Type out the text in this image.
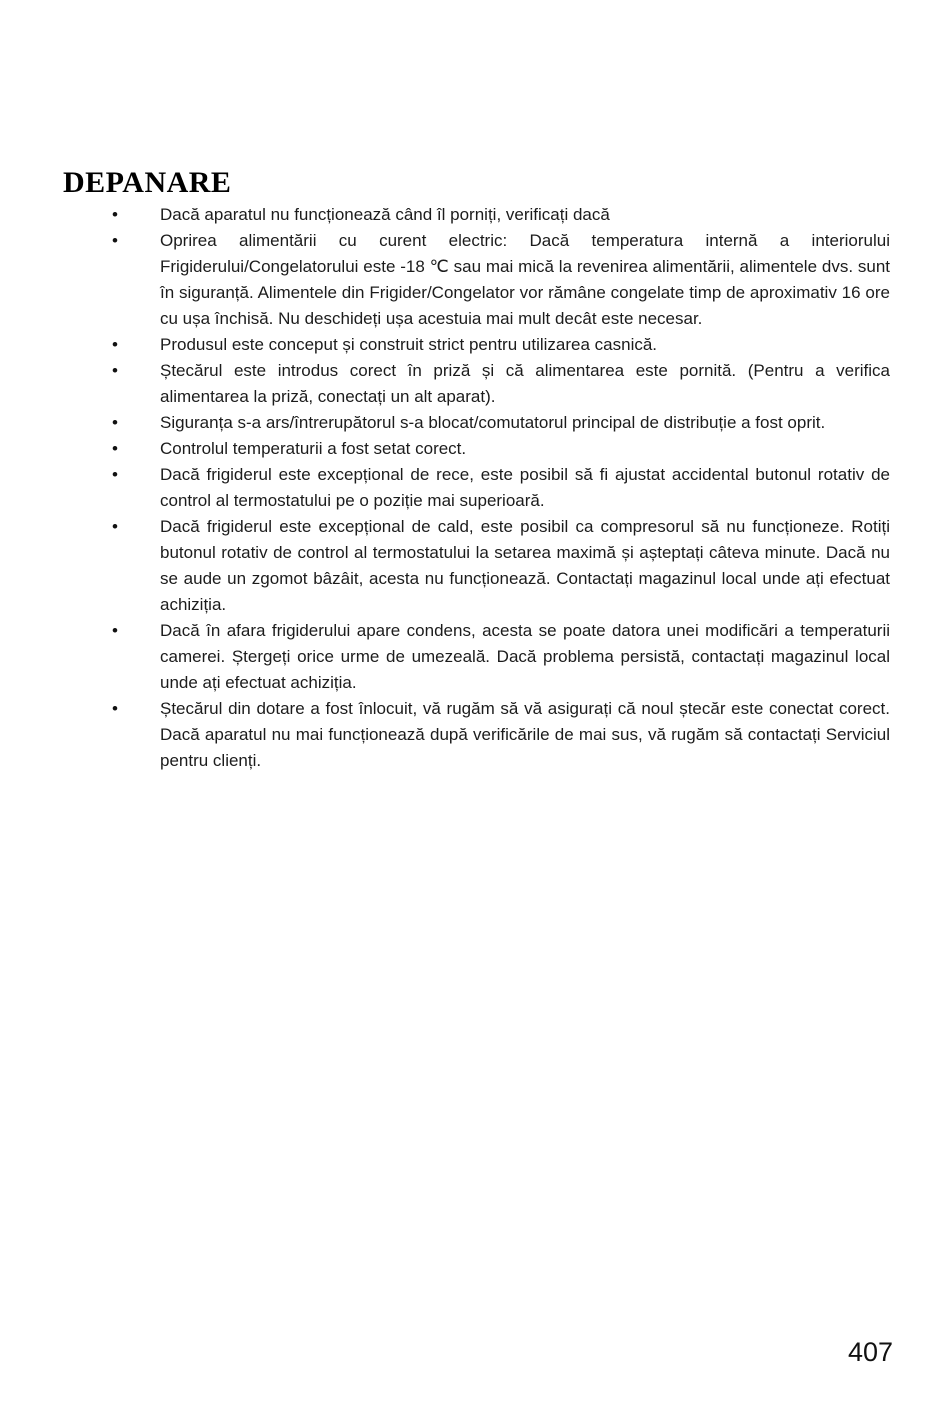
DEPANARE
•	Dacă aparatul nu funcționează când îl porniți, verificați dacă
•	Oprirea alimentării cu curent electric: Dacă temperatura internă a interiorului Frigiderului/Congelatorului este -18 ℃ sau mai mică la revenirea alimentării, alimentele dvs. sunt în siguranță. Alimentele din Frigider/Congelator vor rămâne congelate timp de aproximativ 16 ore cu ușa închisă. Nu deschideți ușa acestuia mai mult decât este necesar.
•	Produsul este conceput și construit strict pentru utilizarea casnică.
•	Ștecărul este introdus corect în priză și că alimentarea este pornită. (Pentru a verifica alimentarea la priză, conectați un alt aparat).
•	Siguranța s-a ars/întrerupătorul s-a blocat/comutatorul principal de distribuție a fost oprit.
•	Controlul temperaturii a fost setat corect.
•	Dacă frigiderul este excepțional de rece, este posibil să fi ajustat accidental butonul rotativ de control al termostatului pe o poziție mai superioară.
•	Dacă frigiderul este excepțional de cald, este posibil ca compresorul să nu funcționeze. Rotiți butonul rotativ de control al termostatului la setarea maximă și așteptați câteva minute. Dacă nu se aude un zgomot bâzâit, acesta nu funcționează. Contactați magazinul local unde ați efectuat achiziția.
•	Dacă în afara frigiderului apare condens, acesta se poate datora unei modificări a temperaturii camerei. Ștergeți orice urme de umezeală. Dacă problema persistă, contactați magazinul local unde ați efectuat achiziția.
•	Ștecărul din dotare a fost înlocuit, vă rugăm să vă asigurați că noul ștecăr este conectat corect. Dacă aparatul nu mai funcționează după verificările de mai sus, vă rugăm să contactați Serviciul pentru clienți.
407
